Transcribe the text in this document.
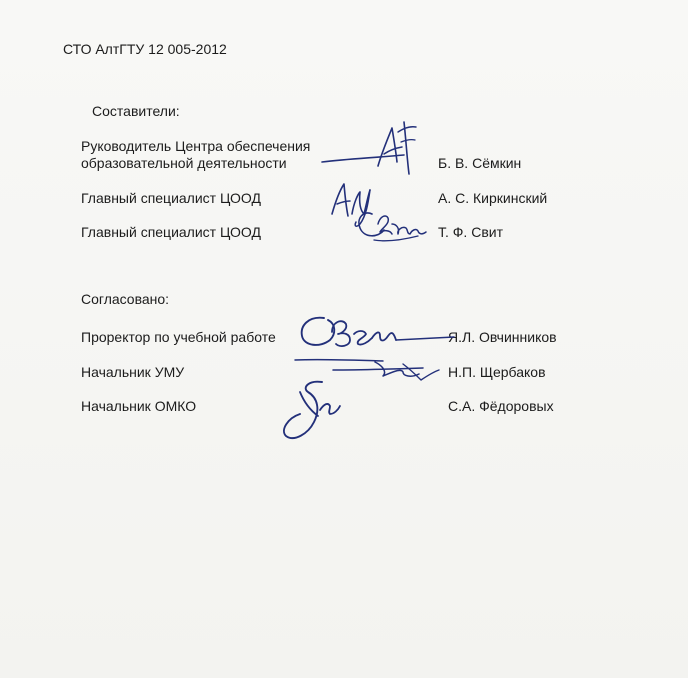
СТО АлтГТУ 12 005-2012
Составители:
Руководитель Центра обеспечения
образовательной деятельности	Б. В. Сёмкин
Главный специалист ЦООД	А. С. Киркинский
Главный специалист ЦООД	Т. Ф. Свит
Согласовано:
Проректор по учебной работе	Я.Л. Овчинников
Начальник УМУ	Н.П. Щербаков
Начальник ОМКО	С.А. Фёдоровых
